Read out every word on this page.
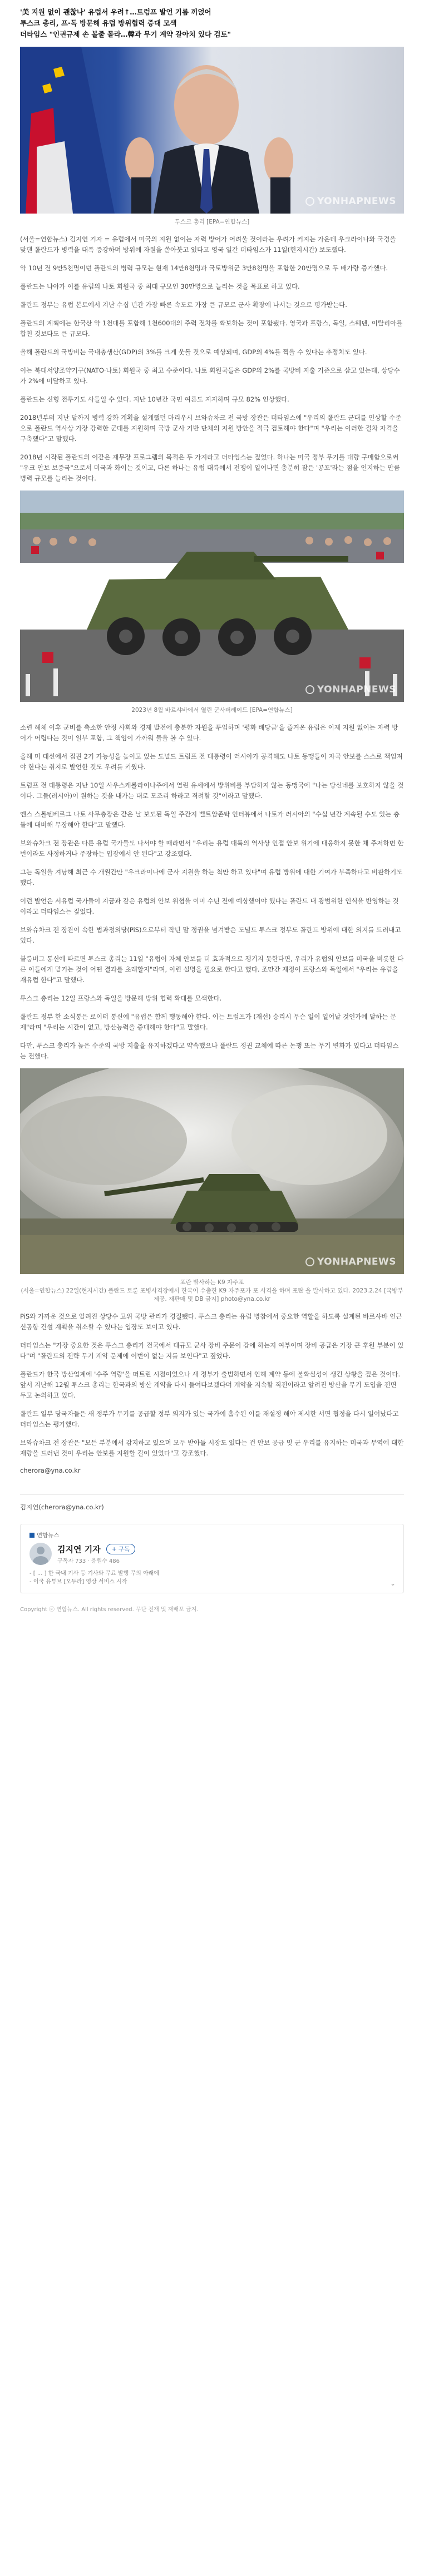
'美 지원 없이 괜찮나' 유럽서 우려↑…트럼프 발언 기름 끼얹어

투스크 총리, 프·독 방문해 유럽 방위협력 증대 모색

더타임스 "인권규제 손 볼줄 몰라…韓과 무기 계약 갈아치 있다 검토"

YONHAPNEWS
투스크 총리 [EPA=연합뉴스]

(서울=연합뉴스) 김지연 기자 = 유럽에서 미국의 지원 없이는 자력 방어가 어려울 것이라는 우려가 커지는 가운데 우크라이나와 국경을 맞댄 폴란드가 병력을 대폭 증강하며 방위에 자원을 쏟아붓고 있다고 영국 일간 더타임스가 11일(현지시간) 보도했다.

약 10년 전 9만5천명이던 폴란드의 병력 규모는 현재 14만8천명과 국토방위군 3만8천명을 포함한 20만명으로 두 배가량 증가했다.

폴란드는 나아가 이를 유럽의 나토 회원국 중 최대 규모인 30만명으로 늘리는 것을 목표로 하고 있다.

폴란드 정부는 유럽 본토에서 지난 수십 년간 가장 빠른 속도로 가장 큰 규모로 군사 확장에 나서는 것으로 평가받는다.

폴란드의 계획에는 한국산 약 1천대를 포함해 1천600대의 주력 전차를 확보하는 것이 포함됐다. 영국과 프랑스, 독일, 스웨덴, 이탈리아를 합친 것보다도 큰 규모다.

올해 폴란드의 국방비는 국내총생산(GDP)의 3%를 크게 웃돌 것으로 예상되며, GDP의 4%를 찍을 수 있다는 추정치도 있다.

이는 북대서양조약기구(NATO·나토) 회원국 중 최고 수준이다. 나토 회원국들은 GDP의 2%를 국방비 지출 기준으로 삼고 있는데, 상당수가 2%에 미달하고 있다.

폴란드는 신형 전투기도 사들일 수 있다. 지난 10년간 국민 여론도 지지하며 규모 82% 인상했다.

2018년부터 지난 달까지 병력 강화 계획을 설계했던 마리우시 브와슈차크 전 국방 장관은 더타임스에 "우리의 폴란드 군대를 인상할 수준으로 폴란드 역사상 가장 강력한 군대를 지원하며 국방 군사 기반 단체의 지원 방안을 적극 검토해야 한다"며 "우리는 이러한 절차 자격을 구축했다"고 말했다.

2018년 시작된 폴란드의 이같은 재무장 프로그램의 목적은 두 가지라고 더타임스는 짚었다. 하나는 미국 정부 무기를 대량 구매함으로써 "우크 안보 보증국"으로서 미국과 화이는 것이고, 다른 하나는 유럽 대륙에서 전쟁이 일어나면 충분히 잠은 '공포'라는 점을 인지하는 만큼 병력 규모를 늘리는 것이다.

YONHAPNEWS
2023년 8월 바르샤바에서 열린 군사퍼레이드 [EPA=연합뉴스]

소련 해체 이후 군비를 축소한 안정 사회와 경제 발전에 충분한 자원을 투입하며 '평화 배당금'을 즐겨온 유럽은 이제 지원 없이는 자력 방어가 어렵다는 것이 일부 포함, 그 책임이 가까워 물을 볼 수 있다.

올해 미 대선에서 집권 2기 가능성을 높이고 있는 도널드 트럼프 전 대통령이 러시아가 공격해도 나토 동맹들이 자국 안보를 스스로 책임져야 한다는 취지로 발언한 것도 우려를 키웠다.

트럼프 전 대통령은 지난 10일 사우스캐롤라이나주에서 열린 유세에서 방위비를 부담하지 않는 동맹국에 "나는 당신네를 보호하지 않을 것이다. 그들(러시아)이 원하는 것을 내가는 대로 모조리 하라고 격려할 것"이라고 말했다.

옌스 스톨텐베르그 나토 사무총장은 같은 날 보도된 독일 주간지 벨트암존탁 인터뷰에서 나토가 러시아의 "수십 년간 계속될 수도 있는 충돌에 대비해 무장해야 한다"고 말했다.

브와슈차크 전 장관은 다른 유럽 국가들도 나서야 할 때라면서 "우리는 유럽 대륙의 역사상 인접 안보 위기에 대응하지 못한 채 주저하면 한 번이라도 사정하거나 주장하는 입장에서 안 된다"고 강조했다.

그는 독일을 겨냥해 최근 수 개월간만 "우크라이나에 군사 지원을 하는 척만 하고 있다"며 유럽 방위에 대한 기여가 부족하다고 비판하기도 했다.

이런 발언은 서유럽 국가들이 지금과 같은 유럽의 안보 위협을 이미 수년 전에 예상했어야 했다는 폴란드 내 광범위한 인식을 반영하는 것이라고 더타임스는 짚었다.

브와슈차크 전 장관이 속한 법과정의당(PiS)으로부터 작년 말 정권을 넘겨받은 도널드 투스크 정부도 폴란드 방위에 대한 의지를 드러내고 있다.

블룸버그 통신에 따르면 투스크 총리는 11일 "유럽이 자체 안보를 더 효과적으로 챙기지 못한다면, 우리가 유럽의 안보를 미국을 비롯한 다른 이들에게 맡기는 것이 어떤 결과를 초래할지"라며, 이런 설명을 필요로 한다고 했다. 조만간 재정이 프랑스와 독일에서 "우리는 유럽을 재유럽 한다"고 말했다.

투스크 총리는 12일 프랑스와 독일을 방문해 방위 협력 확대를 모색한다.

폴란드 정부 한 소식통은 로이터 통신에 "유럽은 함께 행동해야 한다. 이는 트럼프가 (재선) 승리시 무슨 일이 일어날 것인가에 달하는 문제"라며 "우리는 시간이 없고, 방산능력을 증대해야 한다"고 말했다.

다만, 투스크 총리가 높은 수준의 국방 지출을 유지하겠다고 약속했으나 폴란드 정권 교체에 따른 논쟁 또는 무기 변화가 있다고 더타임스는 전했다.

YONHAPNEWS
포란 발사하는 K9 자주포
(서울=연합뉴스) 22일(현지시간) 폴란드 토룬 포병사격장에서 한국이 수출한 K9 자주포가 포 사격을 하며 포탄 을 발사하고 있다. 2023.2.24 [국방부 제공. 재판매 및 DB 금지] photo@yna.co.kr

PiS와 가까운 것으로 알려진 상당수 고위 국방 관리가 경질됐다. 투스크 총리는 유럽 병참에서 중요한 역할을 하도록 설계된 바르샤바 인근 신공항 건설 계획을 취소할 수 있다는 입장도 보이고 있다.

더타임스는 "가장 중요한 것은 투스크 총리가 전국에서 대규모 군사 장비 주문이 갑에 하는지 여부이며 장비 공급은 가장 큰 후원 부분이 있다"며 "폴란드의 전략 무기 계약 문제에 이번이 없는 지를 보인다"고 짚었다.

폴란드가 한국 방산업계에 '수주 역량'을 떠트린 시점이었으나 새 정부가 출범하면서 인해 계약 등에 불확실성이 생긴 상황을 짚은 것이다. 앞서 지난해 12월 투스크 총리는 한국과의 방산 계약을 다시 들여다보겠다며 계약을 지속할 직전이라고 알려진 방산을 무기 도입을 전면 두고 논의하고 있다.

폴란드 일부 당국자들은 새 정부가 무기를 공급할 정부 의지가 있는 국가에 흡수된 이를 재설정 해야 제시한 서면 협정을 다시 일어났다고 더타임스는 평가했다.

브와슈차크 전 장관은 "모든 부분에서 감지하고 있으며 모두 받아들 시장도 있다는 건 안보 공급 및 군 우리를 유지하는 미국과 무역에 대한 재량을 드러낸 것이 우리는 안보를 지원할 길이 있었다"고 강조했다.

cherora@yna.co.kr
김지연(cherora@yna.co.kr)
연합뉴스
김지연 기자	+ 구독
구독자 733 · 응원수 486
- [ ... ] 한 국내 기사 등 기사와 무료 발행 무의 아래에
- 이국 유튜브 [오두라] 영상 서비스 시작	⌄
Copyright ⓒ 연합뉴스. All rights reserved. 무단 전재 및 재배포 금지.
